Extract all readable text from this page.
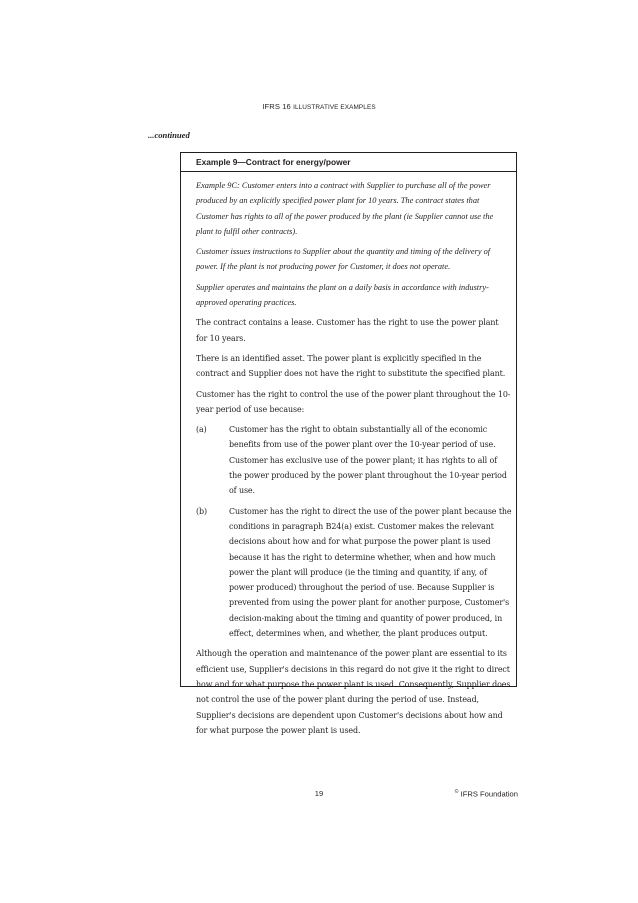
IFRS 16 ILLUSTRATIVE EXAMPLES
...continued
Example 9—Contract for energy/power

Example 9C: Customer enters into a contract with Supplier to purchase all of the power produced by an explicitly specified power plant for 10 years. The contract states that Customer has rights to all of the power produced by the plant (ie Supplier cannot use the plant to fulfil other contracts).

Customer issues instructions to Supplier about the quantity and timing of the delivery of power. If the plant is not producing power for Customer, it does not operate.

Supplier operates and maintains the plant on a daily basis in accordance with industry-approved operating practices.

The contract contains a lease. Customer has the right to use the power plant for 10 years.

There is an identified asset. The power plant is explicitly specified in the contract and Supplier does not have the right to substitute the specified plant.

Customer has the right to control the use of the power plant throughout the 10-year period of use because:

(a)	Customer has the right to obtain substantially all of the economic benefits from use of the power plant over the 10-year period of use. Customer has exclusive use of the power plant; it has rights to all of the power produced by the power plant throughout the 10-year period of use.
(b)	Customer has the right to direct the use of the power plant because the conditions in paragraph B24(a) exist. Customer makes the relevant decisions about how and for what purpose the power plant is used because it has the right to determine whether, when and how much power the plant will produce (ie the timing and quantity, if any, of power produced) throughout the period of use. Because Supplier is prevented from using the power plant for another purpose, Customer's decision-making about the timing and quantity of power produced, in effect, determines when, and whether, the plant produces output.

Although the operation and maintenance of the power plant are essential to its efficient use, Supplier's decisions in this regard do not give it the right to direct how and for what purpose the power plant is used. Consequently, Supplier does not control the use of the power plant during the period of use. Instead, Supplier's decisions are dependent upon Customer's decisions about how and for what purpose the power plant is used.

19	© IFRS Foundation
